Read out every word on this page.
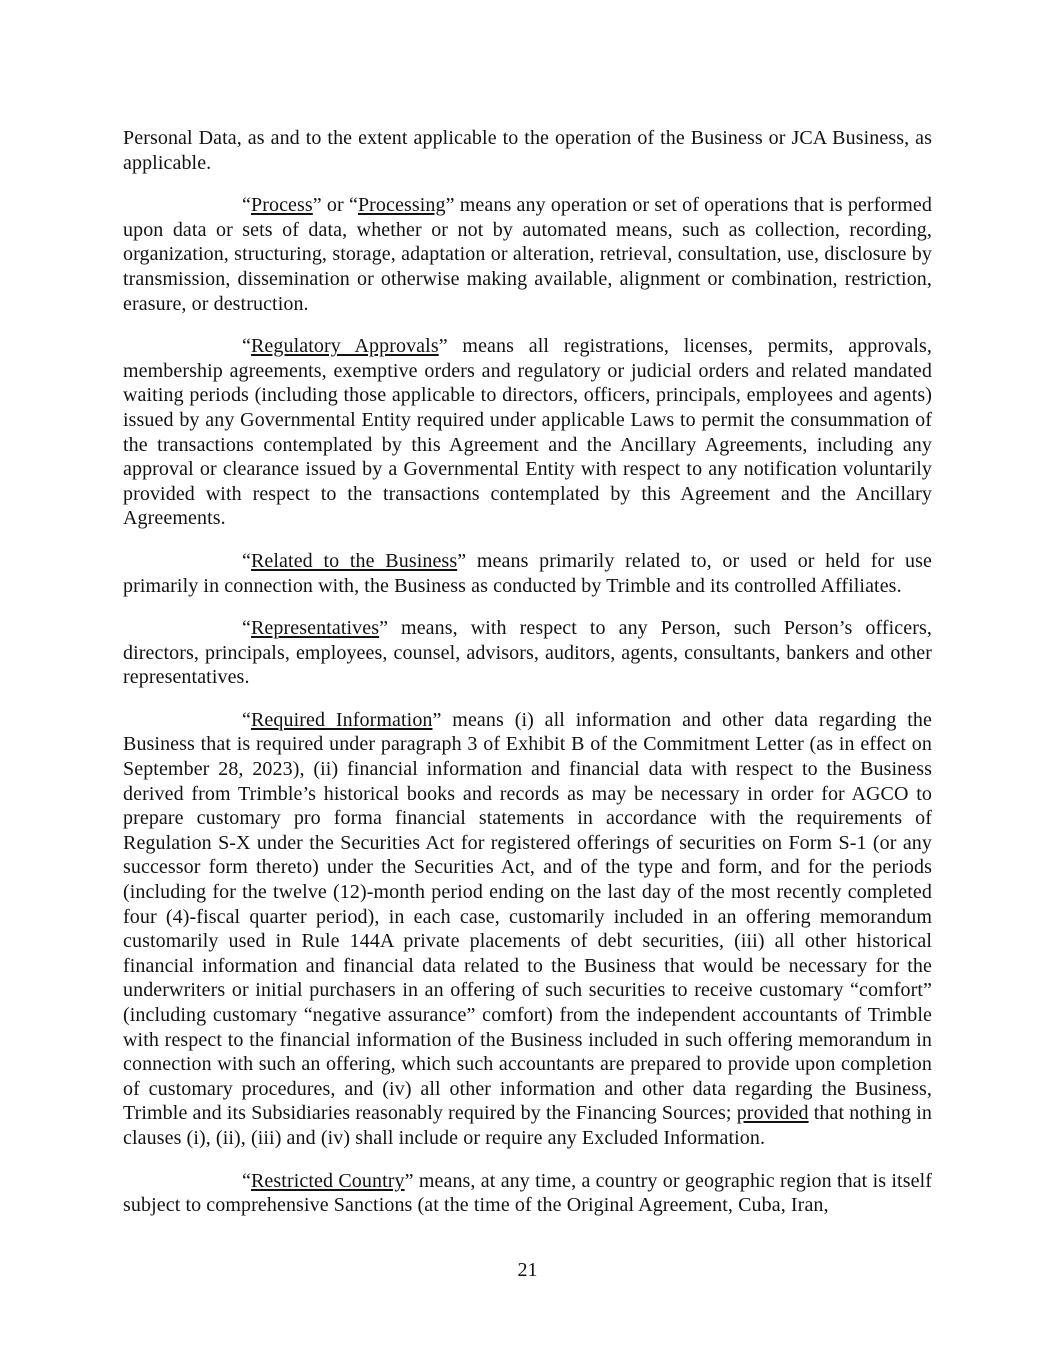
Personal Data, as and to the extent applicable to the operation of the Business or JCA Business, as applicable.

“Process” or “Processing” means any operation or set of operations that is performed upon data or sets of data, whether or not by automated means, such as collection, recording, organization, structuring, storage, adaptation or alteration, retrieval, consultation, use, disclosure by transmission, dissemination or otherwise making available, alignment or combination, restriction, erasure, or destruction.

“Regulatory Approvals” means all registrations, licenses, permits, approvals, membership agreements, exemptive orders and regulatory or judicial orders and related mandated waiting periods (including those applicable to directors, officers, principals, employees and agents) issued by any Governmental Entity required under applicable Laws to permit the consummation of the transactions contemplated by this Agreement and the Ancillary Agreements, including any approval or clearance issued by a Governmental Entity with respect to any notification voluntarily provided with respect to the transactions contemplated by this Agreement and the Ancillary Agreements.

“Related to the Business” means primarily related to, or used or held for use primarily in connection with, the Business as conducted by Trimble and its controlled Affiliates.

“Representatives” means, with respect to any Person, such Person’s officers, directors, principals, employees, counsel, advisors, auditors, agents, consultants, bankers and other representatives.

“Required Information” means (i) all information and other data regarding the Business that is required under paragraph 3 of Exhibit B of the Commitment Letter (as in effect on September 28, 2023), (ii) financial information and financial data with respect to the Business derived from Trimble’s historical books and records as may be necessary in order for AGCO to prepare customary pro forma financial statements in accordance with the requirements of Regulation S-X under the Securities Act for registered offerings of securities on Form S-1 (or any successor form thereto) under the Securities Act, and of the type and form, and for the periods (including for the twelve (12)-month period ending on the last day of the most recently completed four (4)-fiscal quarter period), in each case, customarily included in an offering memorandum customarily used in Rule 144A private placements of debt securities, (iii) all other historical financial information and financial data related to the Business that would be necessary for the underwriters or initial purchasers in an offering of such securities to receive customary “comfort” (including customary “negative assurance” comfort) from the independent accountants of Trimble with respect to the financial information of the Business included in such offering memorandum in connection with such an offering, which such accountants are prepared to provide upon completion of customary procedures, and (iv) all other information and other data regarding the Business, Trimble and its Subsidiaries reasonably required by the Financing Sources; provided that nothing in clauses (i), (ii), (iii) and (iv) shall include or require any Excluded Information.

“Restricted Country” means, at any time, a country or geographic region that is itself subject to comprehensive Sanctions (at the time of the Original Agreement, Cuba, Iran,

21
